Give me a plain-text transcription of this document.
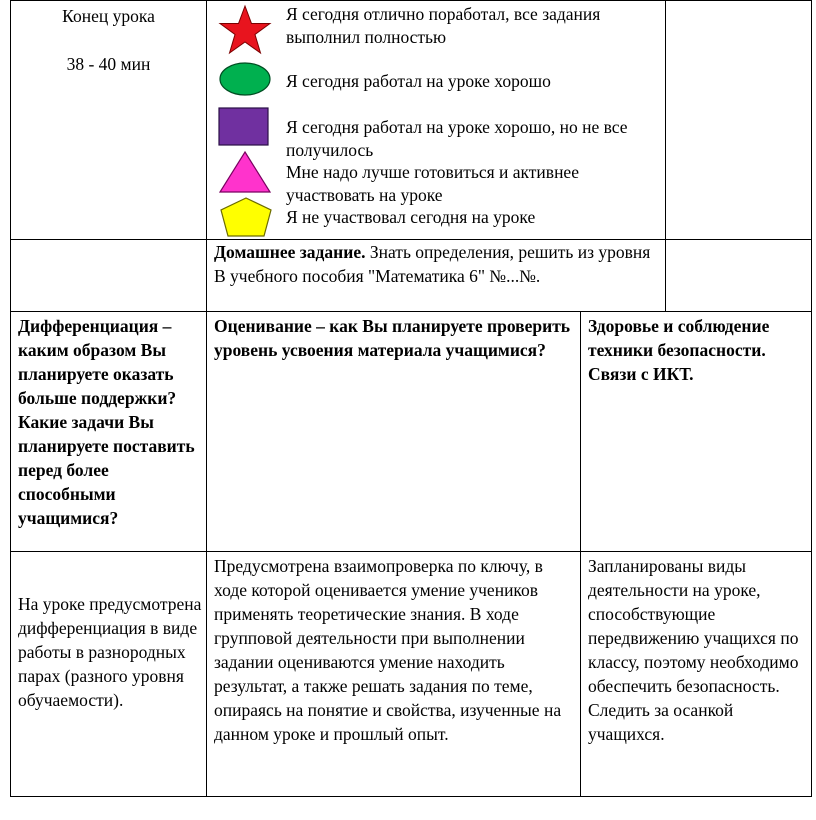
Конец урока

38 - 40 мин

Я сегодня отлично поработал, все задания выполнил полностью
Я сегодня работал на уроке хорошо
Я сегодня работал на уроке хорошо, но не все получилось
Мне надо лучше готовиться и активнее участвовать на уроке
Я не участвовал сегодня на уроке
Домашнее задание. Знать определения, решить из уровня В учебного пособия "Математика 6" №...№.
Дифференциация – каким образом Вы планируете оказать больше поддержки? Какие задачи Вы планируете поставить перед более способными учащимися?
Оценивание – как Вы планируете проверить уровень усвоения материала учащимися?
Здоровье и соблюдение техники безопасности. Связи с ИКТ.
На уроке предусмотрена дифференциация в виде работы в разнородных парах (разного уровня обучаемости).
Предусмотрена взаимопроверка по ключу, в ходе которой оценивается умение учеников применять теоретические знания. В ходе групповой деятельности при выполнении задании оцениваются умение находить результат, а также решать задания по теме, опираясь на понятие и свойства, изученные на данном уроке и прошлый опыт.
Запланированы виды деятельности на уроке, способствующие передвижению учащихся по классу, поэтому необходимо обеспечить безопасность. Следить за осанкой учащихся.
